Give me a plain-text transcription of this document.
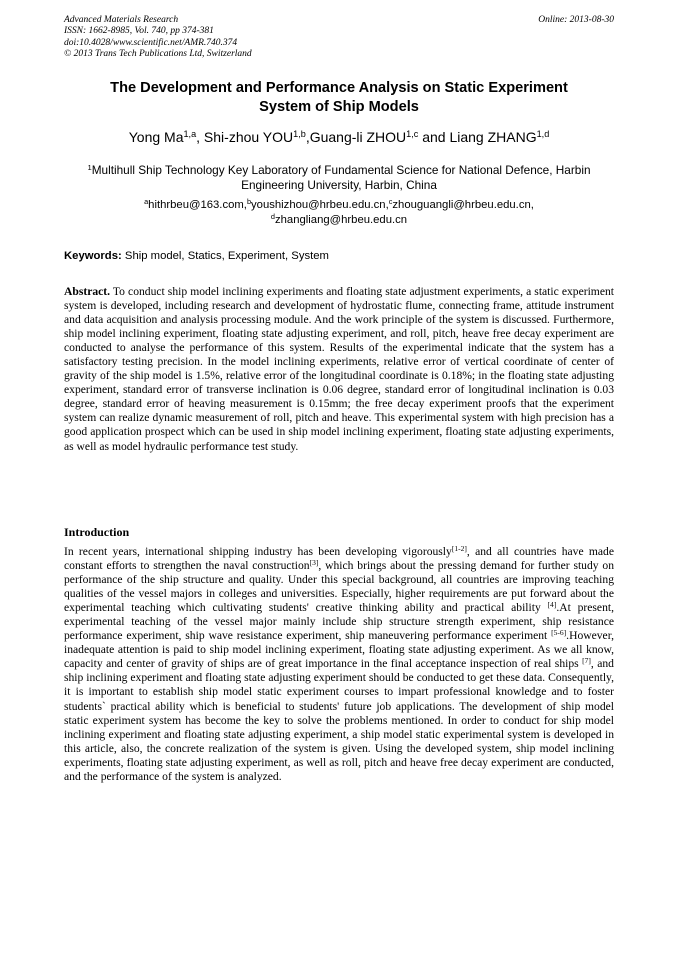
Advanced Materials Research
ISSN: 1662-8985, Vol. 740, pp 374-381
doi:10.4028/www.scientific.net/AMR.740.374
© 2013 Trans Tech Publications Ltd, Switzerland
Online: 2013-08-30
The Development and Performance Analysis on Static Experiment
System of Ship Models
Yong Ma$^{1,a}$, Shi-zhou YOU$^{1,b}$,Guang-li ZHOU$^{1,c}$ and Liang ZHANG$^{1,d}$
$^1$Multihull Ship Technology Key Laboratory of Fundamental Science for National Defence, Harbin
Engineering University, Harbin, China
$^a$hithrbeu@163.com,$^b$youshizhou@hrbeu.edu.cn,$^c$zhouguangli@hrbeu.edu.cn,
$^d$zhangliang@hrbeu.edu.cn
Keywords: Ship model, Statics, Experiment, System

Abstract. To conduct ship model inclining experiments and floating state adjustment experiments, a static experiment system is developed, including research and development of hydrostatic flume, connecting frame, attitude instrument and data acquisition and analysis processing module. And the work principle of the system is discussed. Furthermore, ship model inclining experiment, floating state adjusting experiment, and roll, pitch, heave free decay experiment are conducted to analyse the performance of this system. Results of the experimental indicate that the system has a satisfactory testing precision. In the model inclining experiments, relative error of vertical coordinate of center of gravity of the ship model is 1.5%, relative error of the longitudinal coordinate is 0.18%; in the floating state adjusting experiment, standard error of transverse inclination is 0.06 degree, standard error of longitudinal inclination is 0.03 degree, standard error of heaving measurement is 0.15mm; the free decay experiment proofs that the experiment system can realize dynamic measurement of roll, pitch and heave. This experimental system with high precision has a good application prospect which can be used in ship model inclining experiment, floating state adjusting experiments, as well as model hydraulic performance test study.

Introduction

In recent years, international shipping industry has been developing vigorously[1-2], and all countries have made constant efforts to strengthen the naval construction[3], which brings about the pressing demand for further study on performance of the ship structure and quality. Under this special background, all countries are improving teaching qualities of the vessel majors in colleges and universities. Especially, higher requirements are put forward about the experimental teaching which cultivating students' creative thinking ability and practical ability [4].At present, experimental teaching of the vessel major mainly include ship structure strength experiment, ship resistance performance experiment, ship wave resistance experiment, ship maneuvering performance experiment [5-6].However, inadequate attention is paid to ship model inclining experiment, floating state adjusting experiment. As we all know, capacity and center of gravity of ships are of great importance in the final acceptance inspection of real ships [7], and ship inclining experiment and floating state adjusting experiment should be conducted to get these data. Consequently, it is important to establish ship model static experiment courses to impart professional knowledge and to foster students` practical ability which is beneficial to students' future job applications. The development of ship model static experiment system has become the key to solve the problems mentioned. In order to conduct for ship model inclining experiment and floating state adjusting experiment, a ship model static experimental system is developed in this article, also, the concrete realization of the system is given. Using the developed system, ship model inclining experiments, floating state adjusting experiment, as well as roll, pitch and heave free decay experiment are conducted, and the performance of the system is analyzed.
